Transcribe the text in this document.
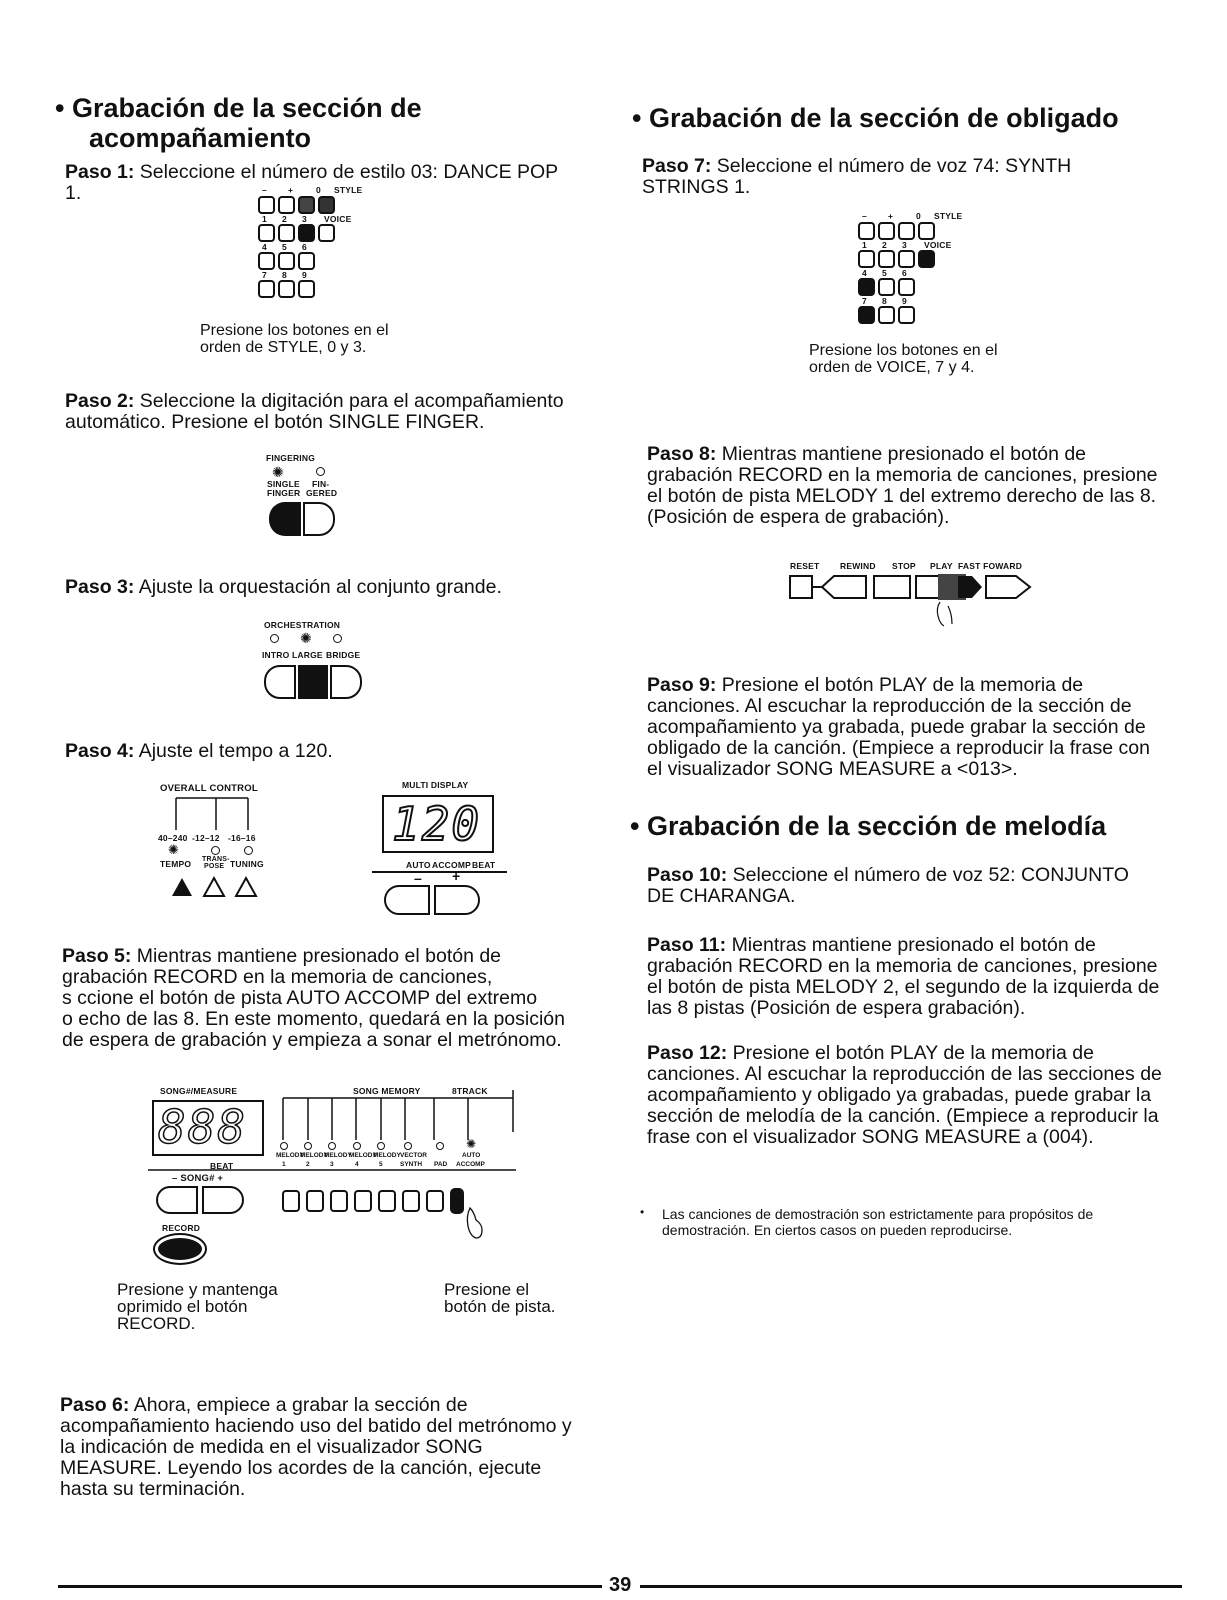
• Grabación de la sección de
acompañamiento
Paso 1: Seleccione el número de estilo 03: DANCE POP
1.	– +	0 STYLE
1 2 3 VOICE
4 5 6
7 8 9
Presione los botones en el
orden de STYLE, 0 y 3.
Paso 2: Seleccione la digitación para el acompañamiento
automático. Presione el botón SINGLE FINGER.
FINGERING
✺
SINGLE
FINGER
FIN-
GERED
Paso 3: Ajuste la orquestación al conjunto grande.
ORCHESTRATION
✺
INTRO LARGE BRIDGE
Paso 4: Ajuste el tempo a 120.
OVERALL CONTROL
40–240 -12–12 -16–16
✺
TEMPO TRANS-
POSE TUNING
MULTI DISPLAY
120
AUTO ACCOMP BEAT
– +
Paso 5: Mientras mantiene presionado el botón de
grabación RECORD en la memoria de canciones,
s ccione el botón de pista AUTO ACCOMP del extremo
o echo de las 8. En este momento, quedará en la posición
de espera de grabación y empieza a sonar el metrónomo.
SONG#/MEASURE	SONG MEMORY	8TRACK
888
BEAT
✺
MELODY
MELODY
MELODY
MELODY
MELODY VECTOR	AUTO
1	2	3	4	5	SYNTH PAD ACCOMP
– SONG# +
RECORD
Presione y mantenga
oprimido el botón
RECORD.
Presione el
botón de pista.
Paso 6: Ahora, empiece a grabar la sección de
acompañamiento haciendo uso del batido del metrónomo y
la indicación de medida en el visualizador SONG
MEASURE. Leyendo los acordes de la canción, ejecute
hasta su terminación.
• Grabación de la sección de obligado
Paso 7: Seleccione el número de voz 74: SYNTH
STRINGS 1.
– +	0 STYLE
1 2 3 VOICE
4 5 6
7 8 9
Presione los botones en el
orden de VOICE, 7 y 4.
Paso 8: Mientras mantiene presionado el botón de
grabación RECORD en la memoria de canciones, presione
el botón de pista MELODY 1 del extremo derecho de las 8.
(Posición de espera de grabación).
RESET REWIND STOP PLAY FAST FOWARD
Paso 9: Presione el botón PLAY de la memoria de
canciones. Al escuchar la reproducción de la sección de
acompañamiento ya grabada, puede grabar la sección de
obligado de la canción. (Empiece a reproducir la frase con
el visualizador SONG MEASURE a <013>.
• Grabación de la sección de melodía
Paso 10: Seleccione el número de voz 52: CONJUNTO
DE CHARANGA.
Paso 11: Mientras mantiene presionado el botón de
grabación RECORD en la memoria de canciones, presione
el botón de pista MELODY 2, el segundo de la izquierda de
las 8 pistas (Posición de espera grabación).
Paso 12: Presione el botón PLAY de la memoria de
canciones. Al escuchar la reproducción de las secciones de
acompañamiento y obligado ya grabadas, puede grabar la
sección de melodía de la canción. (Empiece a reproducir la
frase con el visualizador SONG MEASURE a (004).
• Las canciones de demostración son estrictamente para propósitos de
demostración. En ciertos casos on pueden reproducirse.
39
